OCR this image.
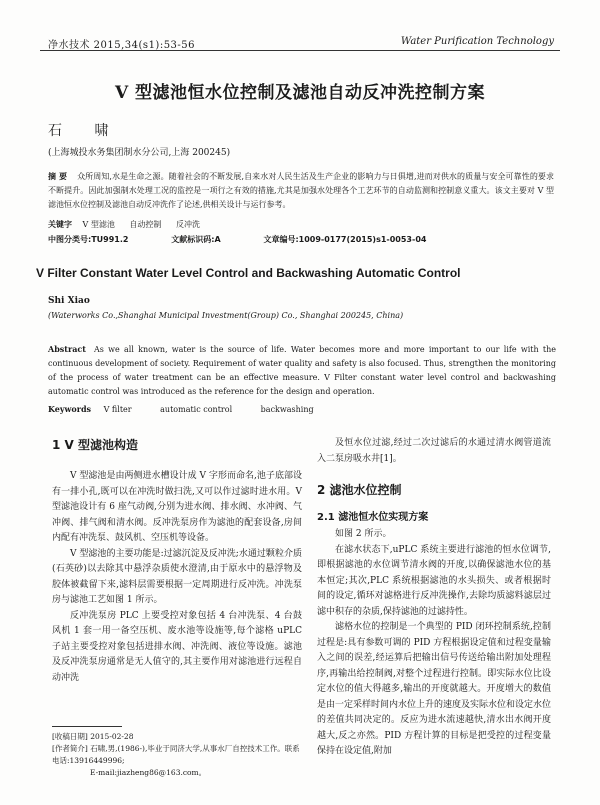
净水技术 2015,34(s1):53-56	Water Purification Technology
V 型滤池恒水位控制及滤池自动反冲洗控制方案
石 啸
(上海城投水务集团制水分公司,上海 200245)
摘 要 众所周知,水是生命之源。随着社会的不断发展,自来水对人民生活及生产企业的影响力与日俱增,进而对供水的质量与安全可靠性的要求不断提升。因此加强制水处理工况的监控是一项行之有效的措施,尤其是加强水处理各个工艺环节的自动监测和控制意义重大。该文主要对 V 型滤池恒水位控制及滤池自动反冲洗作了论述,供相关设计与运行参考。
关键字 V 型滤池 自动控制 反冲洗
中图分类号:TU991.2	文献标识码:A	文章编号:1009-0177(2015)s1-0053-04
V Filter Constant Water Level Control and Backwashing Automatic Control
Shi Xiao
(Waterworks Co.,Shanghai Municipal Investment(Group) Co., Shanghai 200245, China)
Abstract As we all known, water is the source of life. Water becomes more and more important to our life with the continuous development of society. Requirement of water quality and safety is also focused. Thus, strengthen the monitoring of the process of water treatment can be an effective measure. V Filter constant water level control and backwashing automatic control was introduced as the reference for the design and operation.
Keywords V filter	automatic control	backwashing
1 V 型滤池构造

V 型滤池是由两侧进水槽设计成 V 字形而命名,池子底部设有一排小孔,既可以在冲洗时做扫洗,又可以作过滤时进水用。V 型滤池设计有 6 座气动阀,分别为进水阀、排水阀、水冲阀、气冲阀、排气阀和清水阀。反冲洗泵房作为滤池的配套设备,房间内配有冲洗泵、鼓风机、空压机等设备。

V 型滤池的主要功能是:过滤沉淀及反冲洗;水通过颗粒介质(石英砂)以去除其中悬浮杂质使水澄清,由于原水中的悬浮物及胶体被截留下来,滤料层需要根据一定周期进行反冲洗。冲洗泵房与滤池工艺如图 1 所示。

反冲洗泵房 PLC 上要受控对象包括 4 台冲洗泵、4 台鼓风机 1 套一用一备空压机、废水池等设施等,每个滤格 uPLC 子站主要受控对象包括进排水阀、冲洗阀、液位等设施。滤池及反冲洗泵房通常是无人值守的,其主要作用对滤池进行远程自动冲洗

及恒水位过滤,经过二次过滤后的水通过清水阀管道流入二泵房吸水井[1]。

2 滤池水位控制
2.1 滤池恒水位实现方案

如图 2 所示。

在滤水状态下,uPLC 系统主要进行滤池的恒水位调节,即根据滤池的水位调节清水阀的开度,以确保滤池水位的基本恒定;其次,PLC 系统根据滤池的水头损失、或者根据时间的设定,循环对滤格进行反冲洗操作,去除均质滤料滤层过滤中积存的杂质,保持滤池的过滤持性。

滤格水位的控制是一个典型的 PID 闭环控制系统,控制过程是:具有参数可调的 PID 方程根据设定值和过程变量输入之间的误差,经运算后把输出信号传送给输出附加处理程序,再输出给控制阀,对整个过程进行控制。即实际水位比设定水位的值大得越多,输出的开度就越大。开度增大的数值是由一定采样时间内水位上升的速度及实际水位和设定水位的差值共同决定的。反应为进水流速越快,清水出水阀开度越大,反之亦然。PID 方程计算的目标是把受控的过程变量保持在设定值,附加

[收稿日期] 2015-02-28
[作者简介] 石啸,男,(1986-),毕业于同济大学,从事水厂自控技术工作。联系电话:13916449996;
E-mail:jiazheng86@163.com。
